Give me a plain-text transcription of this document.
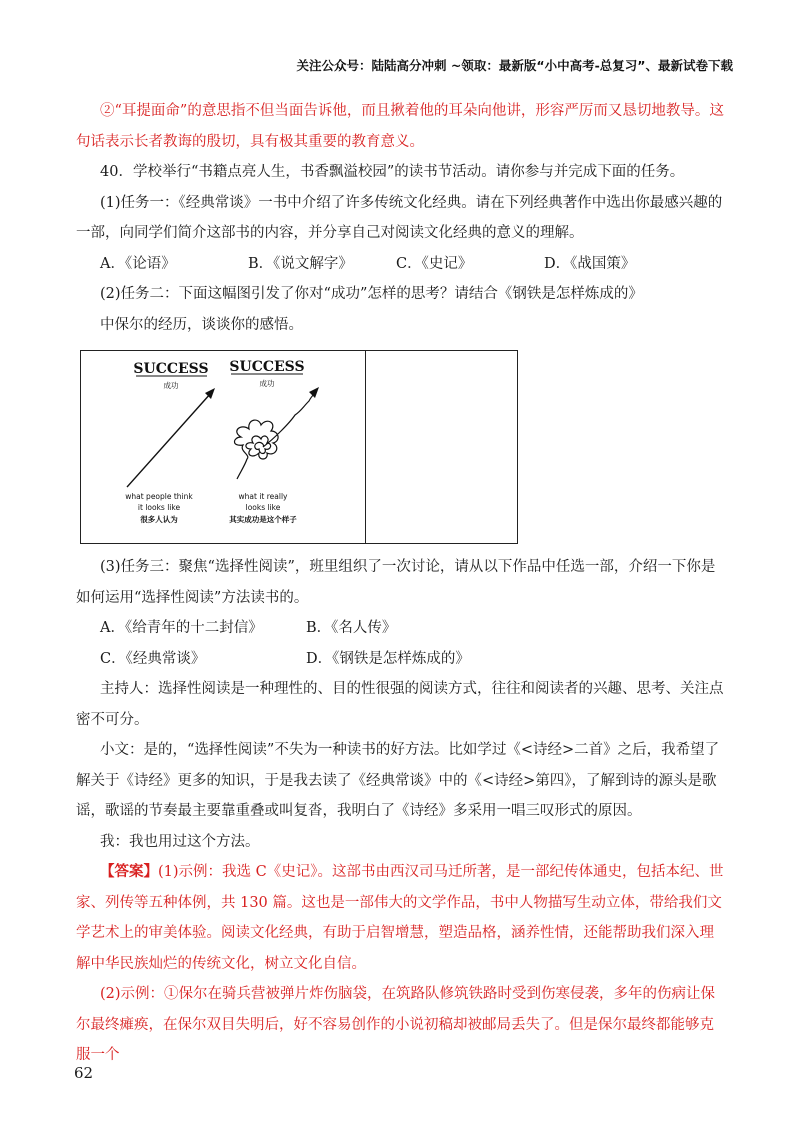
关注公众号：陆陆高分冲刺 ~领取：最新版“小中高考-总复习”、最新试卷下载

②“耳提面命”的意思指不但当面告诉他，而且揪着他的耳朵向他讲，形容严厉而又恳切地教导。这句话表示长者教诲的殷切，具有极其重要的教育意义。

40．学校举行“书籍点亮人生，书香飘溢校园”的读书节活动。请你参与并完成下面的任务。

(1)任务一：《经典常谈》一书中介绍了许多传统文化经典。请在下列经典著作中选出你最感兴趣的一部，向同学们简介这部书的内容，并分享自己对阅读文化经典的意义的理解。

A．《论语》	B．《说文解字》	C．《史记》	D．《战国策》

(2)任务二：下面这幅图引发了你对“成功”怎样的思考？请结合《钢铁是怎样炼成的》

中保尔的经历，谈谈你的感悟。

SUCCESS
成功
SUCCESS
成功
what people think
it looks like
很多人认为
what it really
looks like
其实成功是这个样子

(3)任务三：聚焦“选择性阅读”，班里组织了一次讨论，请从以下作品中任选一部，介绍一下你是如何运用“选择性阅读”方法读书的。

A．《给青年的十二封信》	B．《名人传》
C．《经典常谈》	D．《钢铁是怎样炼成的》

主持人：选择性阅读是一种理性的、目的性很强的阅读方式，往往和阅读者的兴趣、思考、关注点密不可分。

小文：是的，“选择性阅读”不失为一种读书的好方法。比如学过《<诗经>二首》之后，我希望了解关于《诗经》更多的知识，于是我去读了《经典常谈》中的《<诗经>第四》，了解到诗的源头是歌谣，歌谣的节奏最主要靠重叠或叫复沓，我明白了《诗经》多采用一唱三叹形式的原因。

我：我也用过这个方法。

【答案】(1)示例：我选 C《史记》。这部书由西汉司马迁所著，是一部纪传体通史，包括本纪、世家、列传等五种体例，共 130 篇。这也是一部伟大的文学作品，书中人物描写生动立体，带给我们文学艺术上的审美体验。阅读文化经典，有助于启智增慧，塑造品格，涵养性情，还能帮助我们深入理解中华民族灿烂的传统文化，树立文化自信。

(2)示例：①保尔在骑兵营被弹片炸伤脑袋，在筑路队修筑铁路时受到伤寒侵袭，多年的伤病让保尔最终瘫痪，在保尔双目失明后，好不容易创作的小说初稿却被邮局丢失了。但是保尔最终都能够克服一个

62
